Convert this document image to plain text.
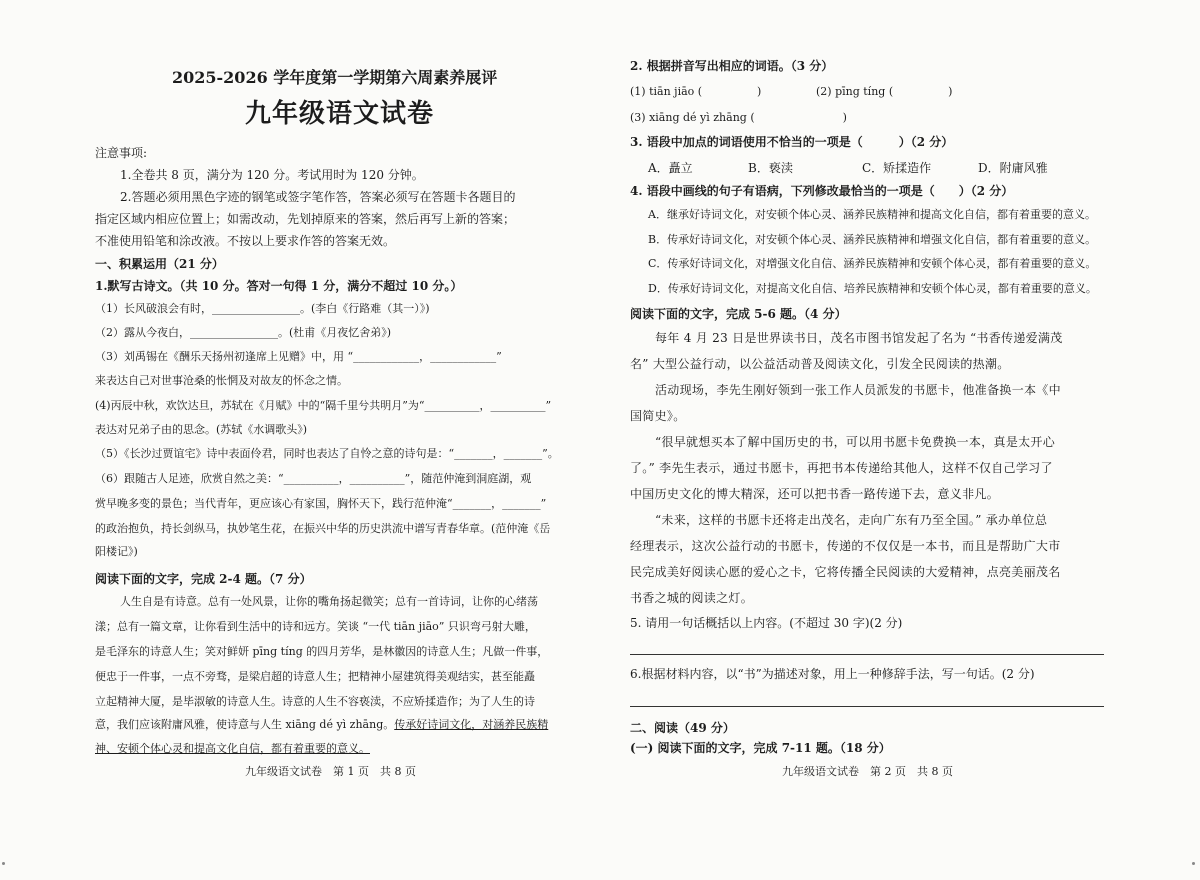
2025-2026 学年度第一学期第六周素养展评
九年级语文试卷
注意事项:
1.全卷共 8 页，满分为 120 分。考试用时为 120 分钟。
2.答题必须用黑色字迹的钢笔或签字笔作答，答案必须写在答题卡各题目的
指定区域内相应位置上；如需改动，先划掉原来的答案，然后再写上新的答案；
不准使用铅笔和涂改液。不按以上要求作答的答案无效。
一、积累运用（21 分）
1.默写古诗文。（共 10 分。答对一句得 1 分，满分不超过 10 分。）
（1）长风破浪会有时，________________。(李白《行路难（其一）》)
（2）露从今夜白，________________。(杜甫《月夜忆舍弟》)
（3）刘禹锡在《酬乐天扬州初逢席上见赠》中，用 “____________，____________”
来表达自己对世事沧桑的怅惘及对故友的怀念之情。
(4)丙辰中秋，欢饮达旦，苏轼在《月赋》中的“隔千里兮共明月”为“__________，__________”
表达对兄弟子由的思念。(苏轼《水调歌头》)
（5）《长沙过贾谊宅》诗中表面伶君，同时也表达了自怜之意的诗句是：“_______，_______”。
（6）跟随古人足迹，欣赏自然之美：“__________，__________”，随范仲淹到洞庭湖，观
赏早晚多变的景色；当代青年，更应该心有家国，胸怀天下，践行范仲淹“_______，_______”
的政治抱负，持长剑纵马，执妙笔生花，在振兴中华的历史洪流中谱写青春华章。(范仲淹《岳
阳楼记》)
阅读下面的文字，完成 2-4 题。（7 分）
人生自是有诗意。总有一处风景，让你的嘴角扬起微笑；总有一首诗词，让你的心绪荡
漾；总有一篇文章，让你看到生活中的诗和远方。笑谈 “一代 tiān jiāo” 只识弯弓射大雕，
是毛泽东的诗意人生；笑对鲜妍 pīng tíng 的四月芳华，是林徽因的诗意人生；凡做一件事，
便忠于一件事，一点不旁骛，是梁启超的诗意人生；把精神小屋建筑得美观结实，甚至能矗
立起精神大厦，是毕淑敏的诗意人生。诗意的人生不容亵渎，不应矫揉造作；为了人生的诗
意，我们应该附庸风雅，使诗意与人生 xiāng dé yì zhāng。传承好诗词文化，对涵养民族精
神、安顿个体心灵和提高文化自信，都有着重要的意义。
九年级语文试卷　第 1 页　共 8 页
2. 根据拼音写出相应的词语。（3 分）
(1) tiān jiāo (　　　　　)	(2) pīng tíng (　　　　　)
(3) xiāng dé yì zhāng (　　　　　　　　)
3. 语段中加点的词语使用不恰当的一项是（　　　）（2 分）
A．矗立	B．亵渎	C．矫揉造作	D．附庸风雅
4. 语段中画线的句子有语病，下列修改最恰当的一项是（　　）（2 分）
A．继承好诗词文化，对安顿个体心灵、涵养民族精神和提高文化自信，都有着重要的意义。
B．传承好诗词文化，对安顿个体心灵、涵养民族精神和增强文化自信，都有着重要的意义。
C．传承好诗词文化，对增强文化自信、涵养民族精神和安顿个体心灵，都有着重要的意义。
D．传承好诗词文化，对提高文化自信、培养民族精神和安顿个体心灵，都有着重要的意义。
阅读下面的文字，完成 5-6 题。（4 分）
每年 4 月 23 日是世界读书日，茂名市图书馆发起了名为 “书香传递爱满茂
名” 大型公益行动，以公益活动普及阅读文化，引发全民阅读的热潮。
活动现场，李先生刚好领到一张工作人员派发的书愿卡，他准备换一本《中
国简史》。
“很早就想买本了解中国历史的书，可以用书愿卡免费换一本，真是太开心
了。” 李先生表示，通过书愿卡，再把书本传递给其他人，这样不仅自己学习了
中国历史文化的博大精深，还可以把书香一路传递下去，意义非凡。
“未来，这样的书愿卡还将走出茂名，走向广东有乃至全国。” 承办单位总
经理表示，这次公益行动的书愿卡，传递的不仅仅是一本书，而且是帮助广大市
民完成美好阅读心愿的爱心之卡，它将传播全民阅读的大爱精神，点亮美丽茂名
书香之城的阅读之灯。
5. 请用一句话概括以上内容。(不超过 30 字)(2 分)
6.根据材料内容，以“书”为描述对象，用上一种修辞手法，写一句话。(2 分)
二、阅读（49 分）
(一) 阅读下面的文字，完成 7-11 题。（18 分）
九年级语文试卷　第 2 页　共 8 页
